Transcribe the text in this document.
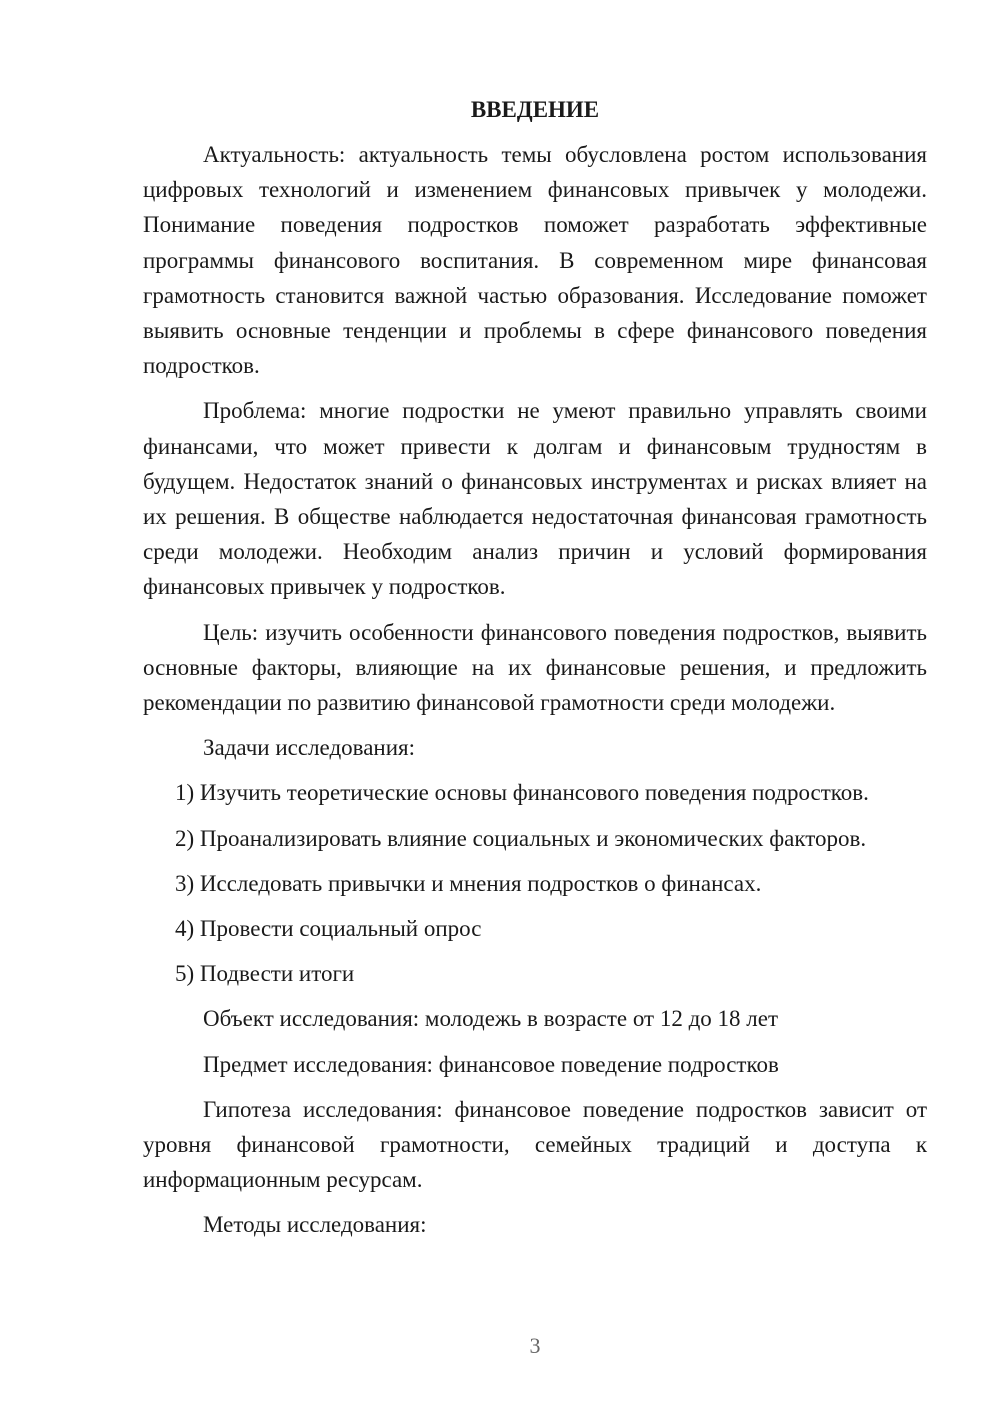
ВВЕДЕНИЕ

Актуальность: актуальность темы обусловлена ростом использования цифровых технологий и изменением финансовых привычек у молодежи. Понимание поведения подростков поможет разработать эффективные программы финансового воспитания. В современном мире финансовая грамотность становится важной частью образования. Исследование поможет выявить основные тенденции и проблемы в сфере финансового поведения подростков.

Проблема: многие подростки не умеют правильно управлять своими финансами, что может привести к долгам и финансовым трудностям в будущем. Недостаток знаний о финансовых инструментах и рисках влияет на их решения. В обществе наблюдается недостаточная финансовая грамотность среди молодежи. Необходим анализ причин и условий формирования финансовых привычек у подростков.

Цель: изучить особенности финансового поведения подростков, выявить основные факторы, влияющие на их финансовые решения, и предложить рекомендации по развитию финансовой грамотности среди молодежи.

Задачи исследования:

1) Изучить теоретические основы финансового поведения подростков.
2) Проанализировать влияние социальных и экономических факторов.
3) Исследовать привычки и мнения подростков о финансах.
4) Провести социальный опрос
5) Подвести итоги

Объект исследования: молодежь в возрасте от 12 до 18 лет

Предмет исследования: финансовое поведение подростков

Гипотеза исследования: финансовое поведение подростков зависит от уровня финансовой грамотности, семейных традиций и доступа к информационным ресурсам.

Методы исследования:

3
